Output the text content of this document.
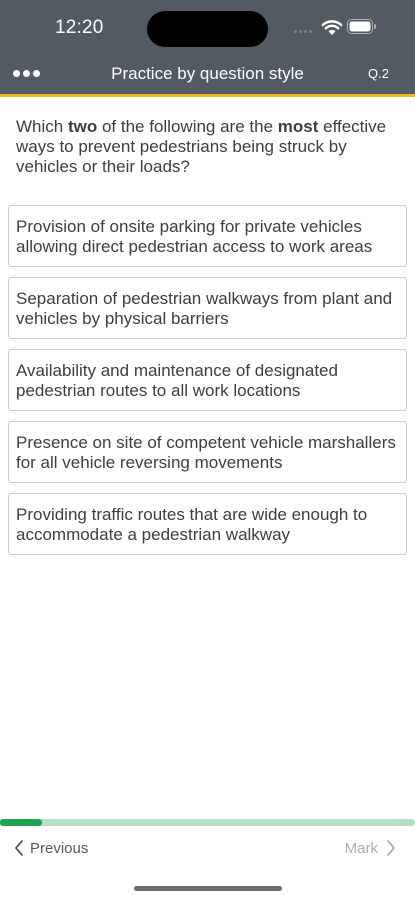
12:20
Practice by question style	Q.2
Which two of the following are the most effective ways to prevent pedestrians being struck by vehicles or their loads?
Provision of onsite parking for private vehicles allowing direct pedestrian access to work areas
Separation of pedestrian walkways from plant and vehicles by physical barriers
Availability and maintenance of designated pedestrian routes to all work locations
Presence on site of competent vehicle marshallers for all vehicle reversing movements
Providing traffic routes that are wide enough to accommodate a pedestrian walkway
Previous	Mark
